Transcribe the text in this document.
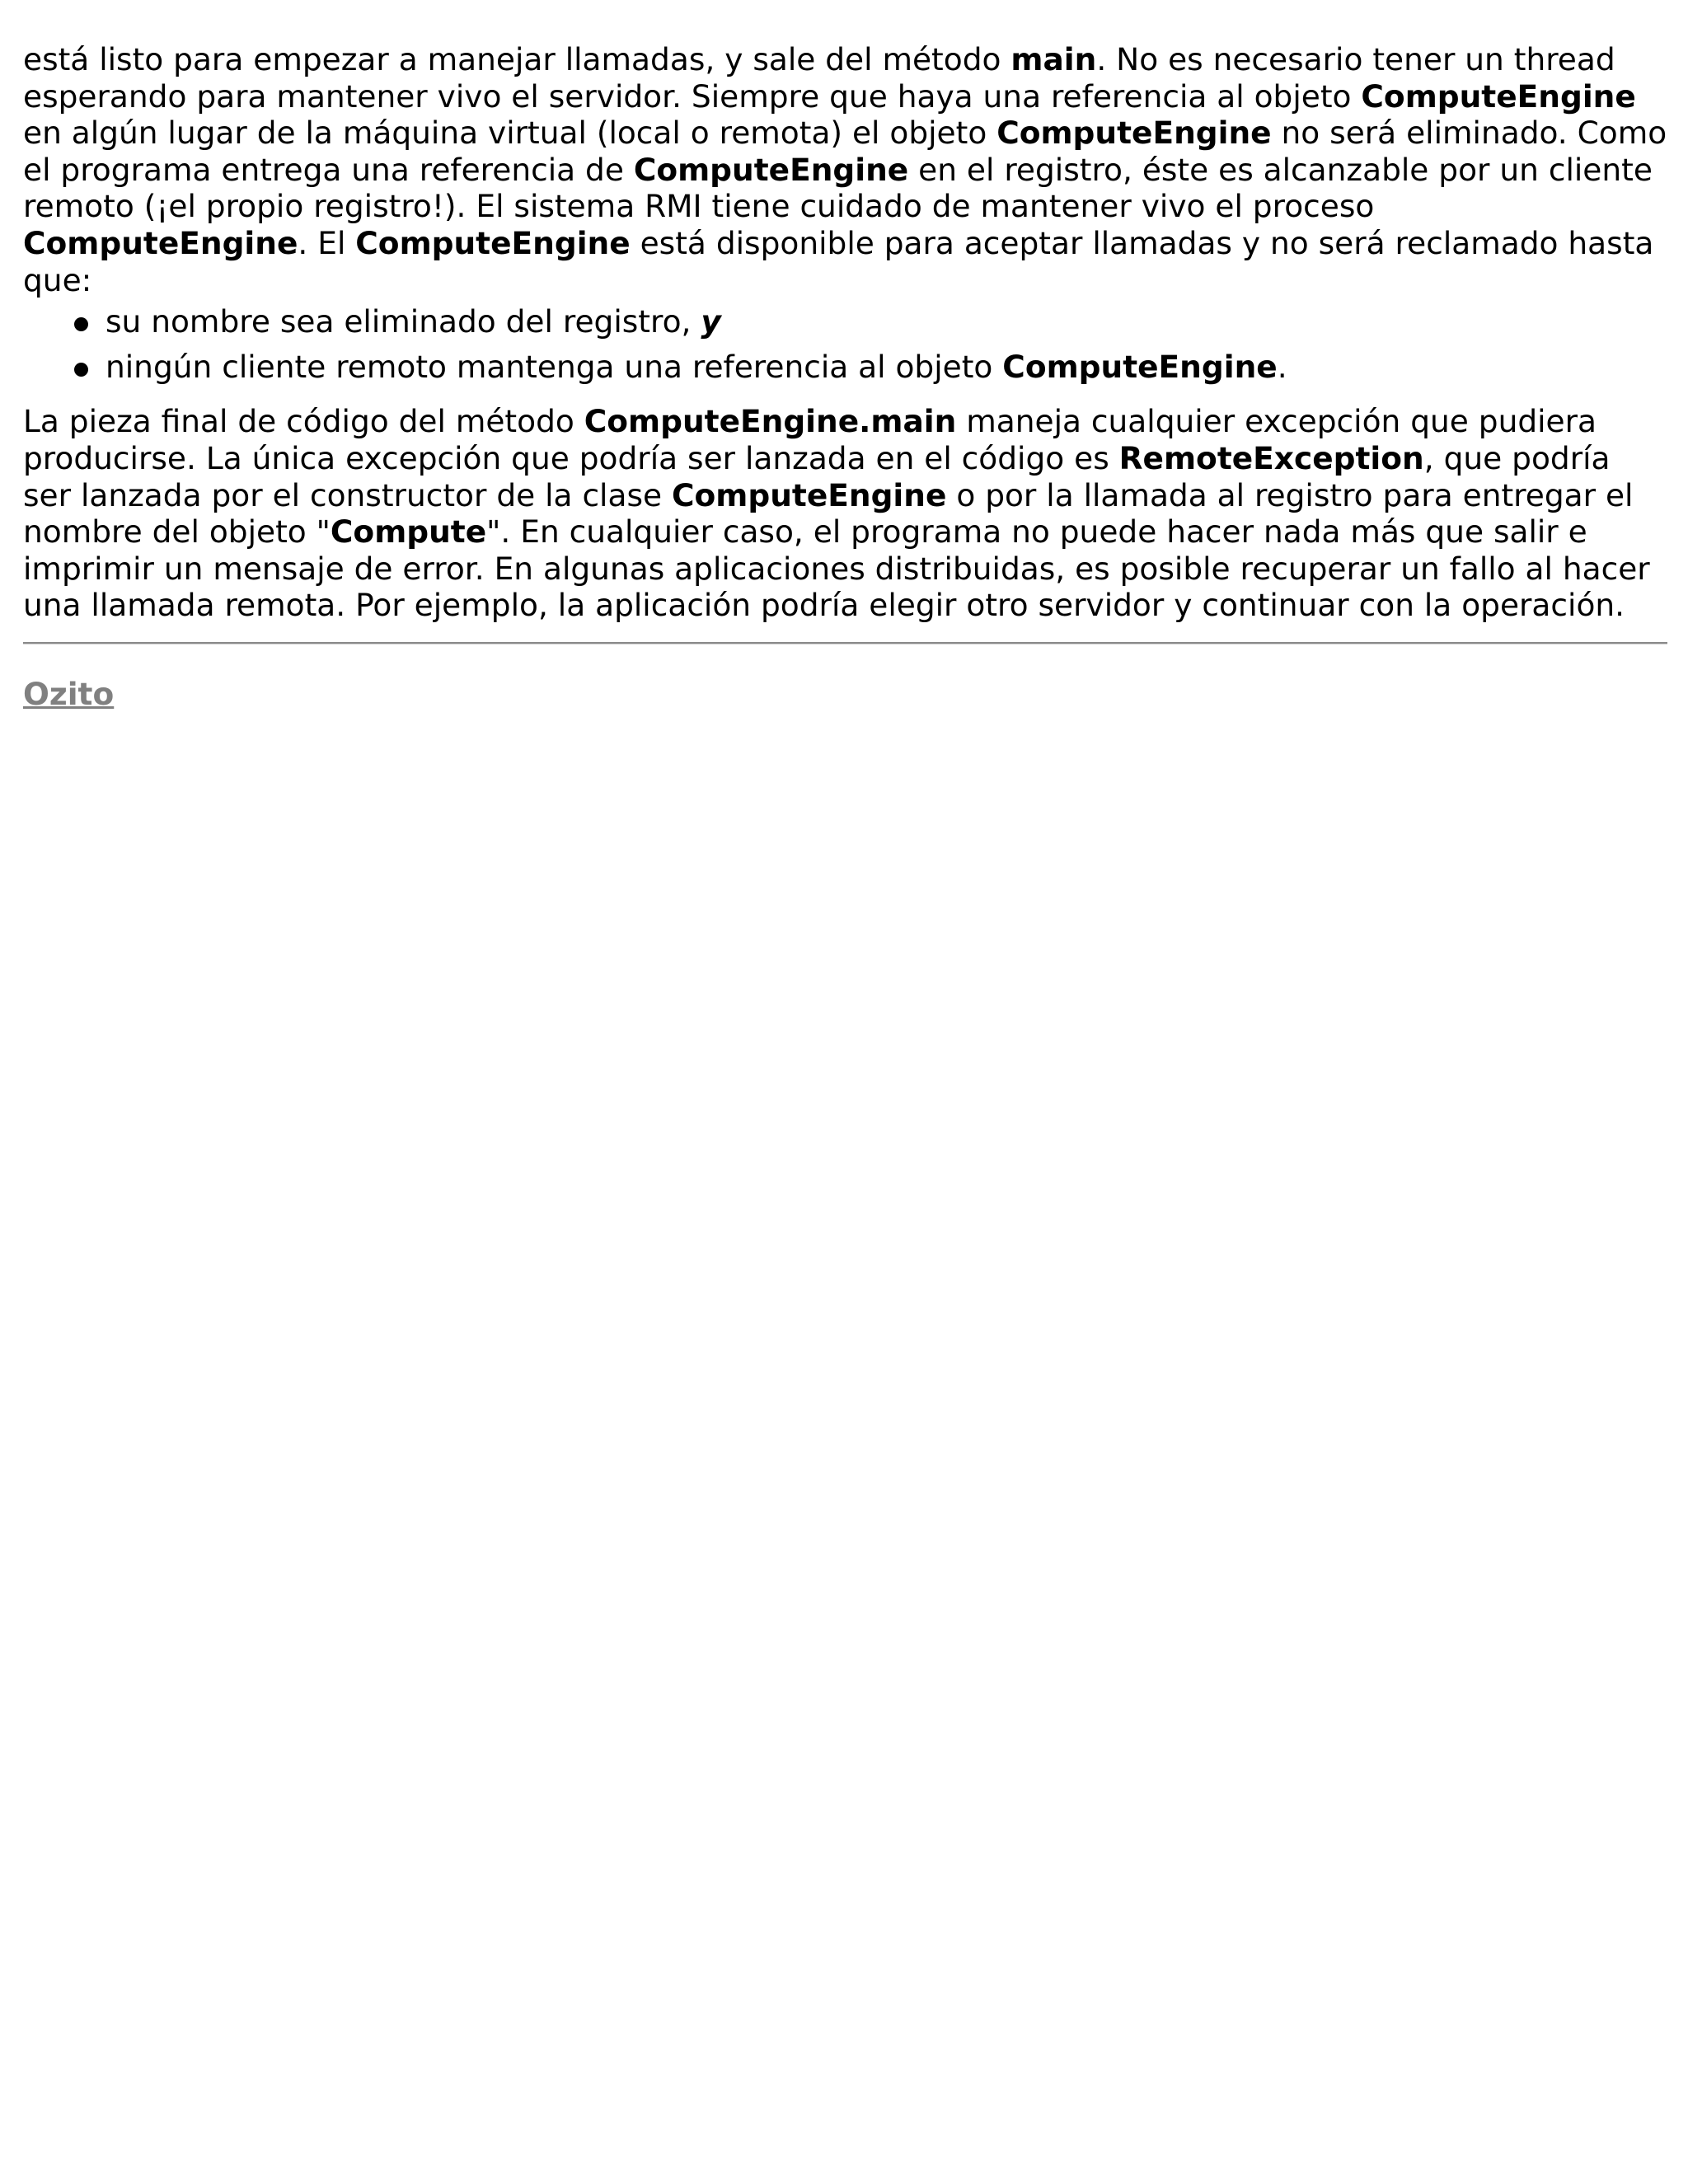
está listo para empezar a manejar llamadas, y sale del método main. No es necesario tener un thread esperando para mantener vivo el servidor. Siempre que haya una referencia al objeto ComputeEngine en algún lugar de la máquina virtual (local o remota) el objeto ComputeEngine no será eliminado. Como el programa entrega una referencia de ComputeEngine en el registro, éste es alcanzable por un cliente remoto (¡el propio registro!). El sistema RMI tiene cuidado de mantener vivo el proceso ComputeEngine. El ComputeEngine está disponible para aceptar llamadas y no será reclamado hasta que:

su nombre sea eliminado del registro, y
ningún cliente remoto mantenga una referencia al objeto ComputeEngine.

La pieza final de código del método ComputeEngine.main maneja cualquier excepción que pudiera producirse. La única excepción que podría ser lanzada en el código es RemoteException, que podría ser lanzada por el constructor de la clase ComputeEngine o por la llamada al registro para entregar el nombre del objeto "Compute". En cualquier caso, el programa no puede hacer nada más que salir e imprimir un mensaje de error. En algunas aplicaciones distribuidas, es posible recuperar un fallo al hacer una llamada remota. Por ejemplo, la aplicación podría elegir otro servidor y continuar con la operación.

Ozito
